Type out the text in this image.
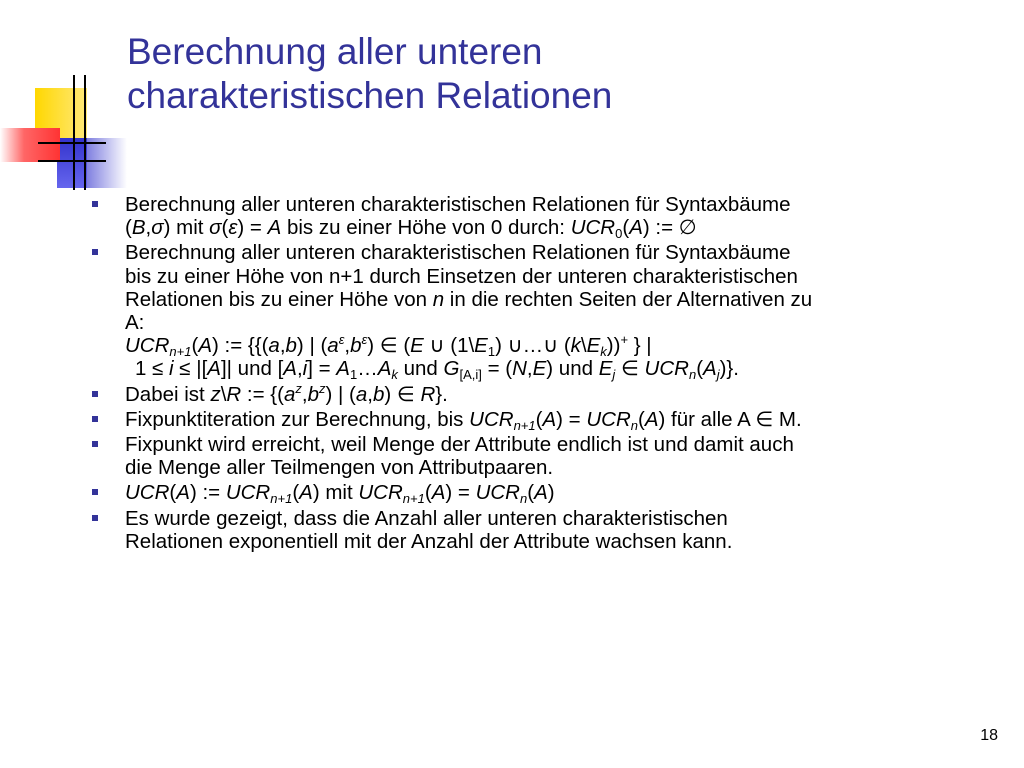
Berechnung aller unteren
charakteristischen Relationen
Berechnung aller unteren charakteristischen Relationen für Syntaxbäume
(B,σ) mit σ(ε) = A bis zu einer Höhe von 0 durch: $UCR_0(A)$ := ∅
Berechnung aller unteren charakteristischen Relationen für Syntaxbäume
bis zu einer Höhe von n+1 durch Einsetzen der unteren charakteristischen
Relationen bis zu einer Höhe von n in die rechten Seiten der Alternativen zu
A:
$UCR_{n+1}(A)$ := {{(a,b) | $(a^\varepsilon,b^\varepsilon)$ ∈ (E ∪ $(1\backslash E_1)$ ∪…∪ $(k\backslash E_k))^+$ } |
1 ≤ i ≤ |[A]| und $[A,i] = A_1\dots A_k$ und $G_{[A,i]} = (N,E)$ und $E_j$ ∈ $UCR_n(A_j)$}.
Dabei ist z\R := {$(a^z,b^z)$ | (a,b) ∈ R}.
Fixpunktiteration zur Berechnung, bis $UCR_{n+1}(A) = UCR_n(A)$ für alle A ∈ M.
Fixpunkt wird erreicht, weil Menge der Attribute endlich ist und damit auch
die Menge aller Teilmengen von Attributpaaren.
UCR(A) := $UCR_{n+1}(A)$ mit $UCR_{n+1}(A) = UCR_n(A)$
Es wurde gezeigt, dass die Anzahl aller unteren charakteristischen
Relationen exponentiell mit der Anzahl der Attribute wachsen kann.
18
